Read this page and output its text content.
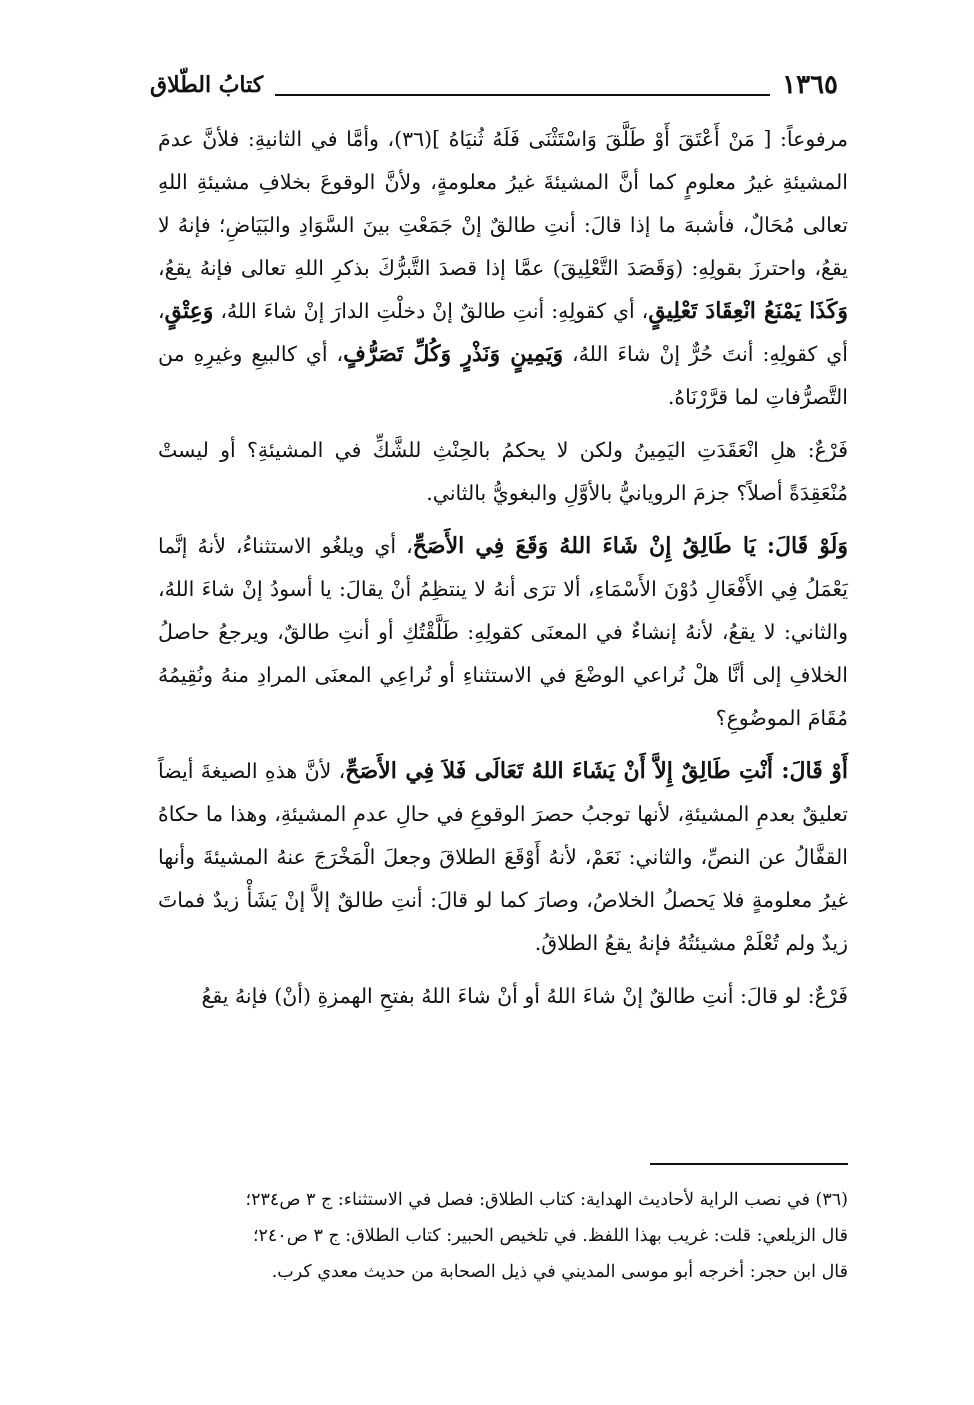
١٣٦٥
كتابُ الطّلاق

مرفوعاً: [ مَنْ أَعْتَقَ أَوْ طَلَّقَ وَاسْتَثْنَى فَلَهُ ثُنيَاهُ ](٣٦)، وأمَّا في الثانيةِ: فلأنَّ عدمَ المشيئةِ غيرُ معلومٍ كما أنَّ المشيئةَ غيرُ معلومةٍ، ولأنَّ الوقوعَ بخلافِ مشيئةِ اللهِ تعالى مُحَالٌ، فأشبهَ ما إذا قالَ: أنتِ طالقٌ إنْ جَمَعْتِ بينَ السَّوَادِ والبَيَاضِ؛ فإنهُ لا يقعُ، واحترزَ بقولِهِ: (وَقَصَدَ التَّعْلِيقَ) عمَّا إذا قصدَ التَّبرُّكَ بذكرِ اللهِ تعالى فإنهُ يقعُ، وَكَذَا يَمْنَعُ انْعِقَادَ تَعْلِيقٍ، أي كقولِهِ: أنتِ طالقٌ إنْ دخلْتِ الدارَ إنْ شاءَ اللهُ، وَعِتْقٍ، أي كقولِهِ: أنتَ حُرٌّ إنْ شاءَ اللهُ، وَيَمِينٍ وَنَذْرٍ وَكُلِّ تَصَرُّفٍ، أي كالبيعِ وغيرِهِ من التَّصرُّفاتِ لما قرَّرْنَاهُ.

فَرْعٌ: هلِ انْعَقَدَتِ اليَمِينُ ولكن لا يحكمُ بالحِنْثِ للشَّكِّ في المشيئةِ؟ أو ليستْ مُنْعَقِدَةً أصلاً؟ جزمَ الرويانيُّ بالأوَّلِ والبغويُّ بالثاني.

وَلَوْ قَالَ: يَا طَالِقُ إِنْ شَاءَ اللهُ وَقَعَ فِي الأَصَحِّ، أي ويلغُو الاستثناءُ، لأنهُ إنَّما يَعْمَلُ فِي الأَفْعَالِ دُوْنَ الأَسْمَاءِ، ألا ترَى أنهُ لا ينتظِمُ أنْ يقالَ: يا أسودُ إنْ شاءَ اللهُ، والثاني: لا يقعُ، لأنهُ إنشاءٌ في المعنَى كقولِهِ: طَلَّقْتُكِ أو أنتِ طالقٌ، ويرجعُ حاصلُ الخلافِ إلى أنَّا هلْ نُراعي الوضْعَ في الاستثناءِ أو نُراعِي المعنَى المرادِ منهُ ونُقِيمُهُ مُقَامَ الموضُوعِ؟

أَوْ قَالَ: أَنْتِ طَالِقٌ إِلاَّ أَنْ يَشَاءَ اللهُ تَعَالَى فَلاَ فِي الأَصَحِّ، لأنَّ هذهِ الصيغةَ أيضاً تعليقٌ بعدمِ المشيئةِ، لأنها توجبُ حصرَ الوقوعِ في حالِ عدمِ المشيئةِ، وهذا ما حكاهُ القفَّالُ عن النصِّ، والثاني: نَعَمْ، لأنهُ أَوْقَعَ الطلاقَ وجعلَ الْمَخْرَجَ عنهُ المشيئةَ وأنها غيرُ معلومةٍ فلا يَحصلُ الخلاصُ، وصارَ كما لو قالَ: أنتِ طالقٌ إلاَّ إنْ يَشَأْ زيدٌ فماتَ زيدٌ ولم تُعْلَمْ مشيئتُهُ فإنهُ يقعُ الطلاقُ.

فَرْعٌ: لو قالَ: أنتِ طالقٌ إنْ شاءَ اللهُ أو أنْ شاءَ اللهُ بفتحِ الهمزةِ (أنْ) فإنهُ يقعُ

(٣٦) في نصب الراية لأحاديث الهداية: كتاب الطلاق: فصل في الاستثناء: ج ٣ ص٢٣٤؛
قال الزيلعي: قلت: غريب بهذا اللفظ. في تلخيص الحبير: كتاب الطلاق: ج ٣ ص٢٤٠؛
قال ابن حجر: أخرجه أبو موسى المديني في ذيل الصحابة من حديث معدي كرب.
